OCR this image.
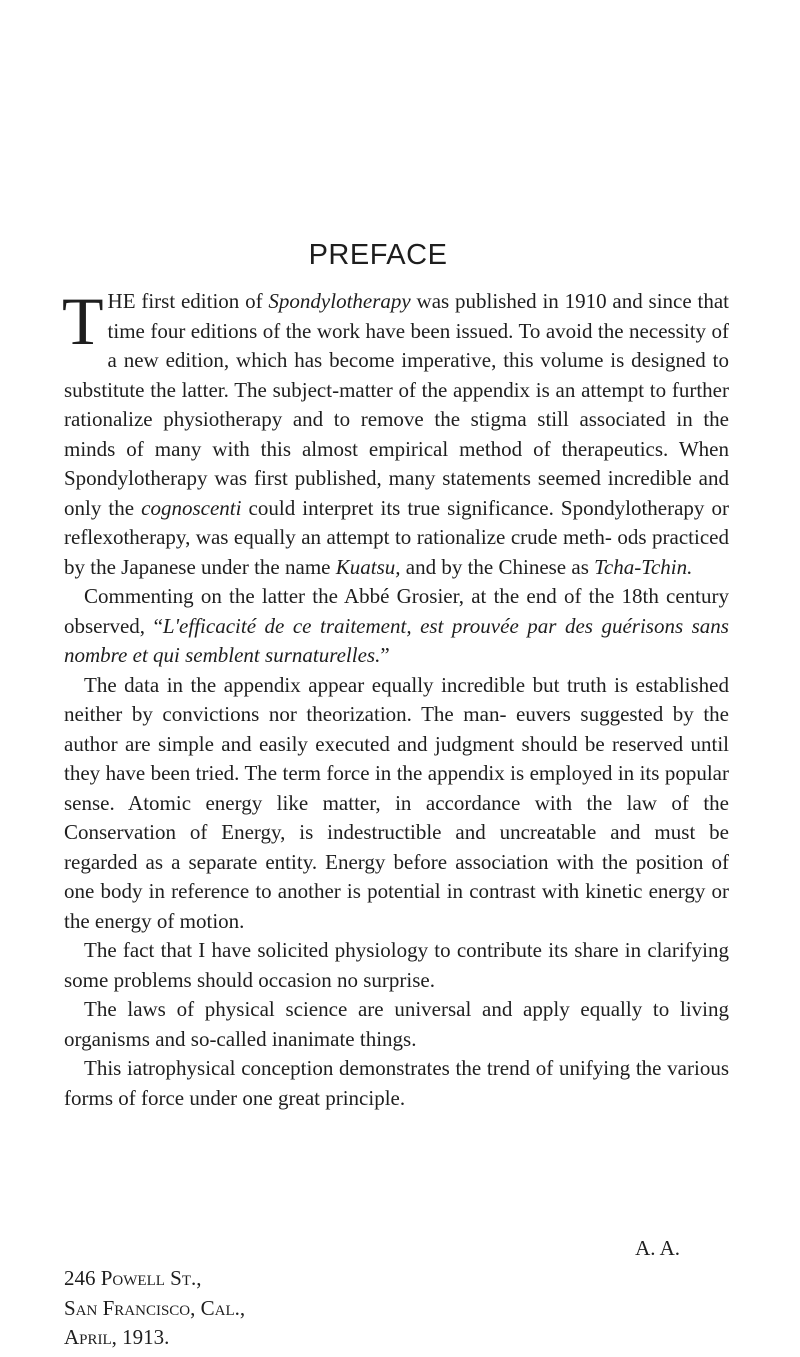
PREFACE

THE first edition of Spondylotherapy was published in 1910 and since that time four editions of the work have been issued. To avoid the necessity of a new edition, which has become imperative, this volume is designed to substitute the latter. The subject-matter of the appendix is an attempt to further rationalize physiotherapy and to remove the stigma still associated in the minds of many with this almost empirical method of therapeutics. When Spondylotherapy was first published, many statements seemed incredible and only the cognoscenti could interpret its true significance. Spondylotherapy or reflexotherapy, was equally an attempt to rationalize crude meth- ods practiced by the Japanese under the name Kuatsu, and by the Chinese as Tcha-Tchin.

Commenting on the latter the Abbé Grosier, at the end of the 18th century observed, “L'efficacité de ce traitement, est prouvée par des guérisons sans nombre et qui semblent surnaturelles.”

The data in the appendix appear equally incredible but truth is established neither by convictions nor theorization. The man- euvers suggested by the author are simple and easily executed and judgment should be reserved until they have been tried. The term force in the appendix is employed in its popular sense. Atomic energy like matter, in accordance with the law of the Conservation of Energy, is indestructible and uncreatable and must be regarded as a separate entity. Energy before association with the position of one body in reference to another is potential in contrast with kinetic energy or the energy of motion.

The fact that I have solicited physiology to contribute its share in clarifying some problems should occasion no surprise.

The laws of physical science are universal and apply equally to living organisms and so-called inanimate things.

This iatrophysical conception demonstrates the trend of unifying the various forms of force under one great principle.

A. A.
246 Powell St.,
San Francisco, Cal.,
April, 1913.
